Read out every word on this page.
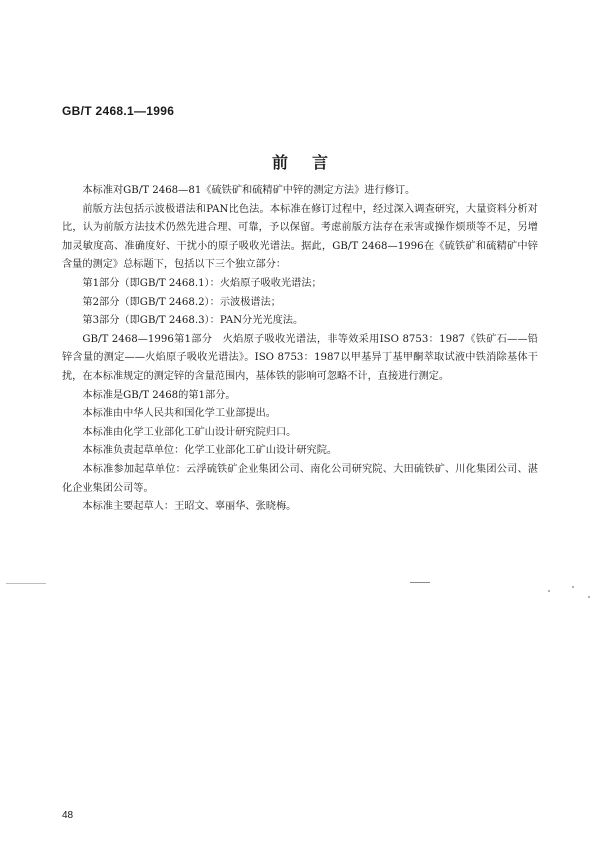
GB/T 2468.1—1996
前言

本标准对GB/T 2468—81《硫铁矿和硫精矿中锌的测定方法》进行修订。

前版方法包括示波极谱法和PAN比色法。本标准在修订过程中，经过深入调查研究，大量资料分析对比，认为前版方法技术仍然先进合理、可靠，予以保留。考虑前版方法存在汞害或操作烦琐等不足，另增加灵敏度高、准确度好、干扰小的原子吸收光谱法。据此，GB/T 2468—1996在《硫铁矿和硫精矿中锌含量的测定》总标题下，包括以下三个独立部分：

第1部分（即GB/T 2468.1）：火焰原子吸收光谱法；

第2部分（即GB/T 2468.2）：示波极谱法；

第3部分（即GB/T 2468.3）：PAN分光光度法。

GB/T 2468—1996第1部分　火焰原子吸收光谱法，非等效采用ISO 8753：1987《铁矿石——铅锌含量的测定——火焰原子吸收光谱法》。ISO 8753：1987以甲基异丁基甲酮萃取试液中铁消除基体干扰，在本标准规定的测定锌的含量范围内，基体铁的影响可忽略不计，直接进行测定。

本标准是GB/T 2468的第1部分。

本标准由中华人民共和国化学工业部提出。

本标准由化学工业部化工矿山设计研究院归口。

本标准负责起草单位：化学工业部化工矿山设计研究院。

本标准参加起草单位：云浮硫铁矿企业集团公司、南化公司研究院、大田硫铁矿、川化集团公司、湛化企业集团公司等。

本标准主要起草人：王昭文、辜丽华、张晓梅。

48
